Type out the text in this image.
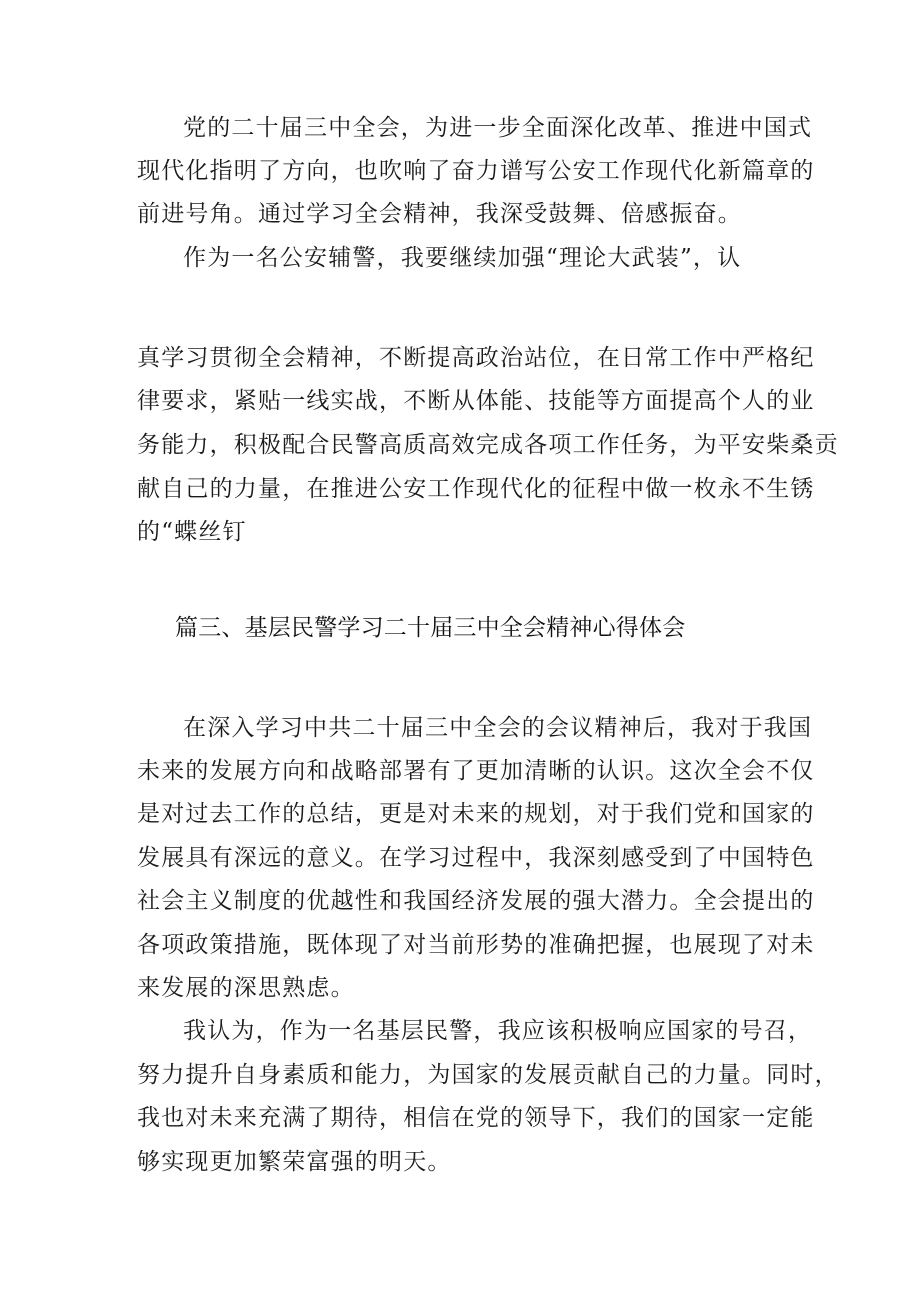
党的二十届三中全会，为进一步全面深化改革、推进中国式
现代化指明了方向，也吹响了奋力谱写公安工作现代化新篇章的
前进号角。通过学习全会精神，我深受鼓舞、倍感振奋。
作为一名公安辅警，我要继续加强“理论大武装”，认
真学习贯彻全会精神，不断提高政治站位，在日常工作中严格纪
律要求，紧贴一线实战，不断从体能、技能等方面提高个人的业
务能力，积极配合民警高质高效完成各项工作任务，为平安柴桑贡
献自己的力量，在推进公安工作现代化的征程中做一枚永不生锈
的“蝶丝钉
篇三、基层民警学习二十届三中全会精神心得体会
在深入学习中共二十届三中全会的会议精神后，我对于我国
未来的发展方向和战略部署有了更加清晰的认识。这次全会不仅
是对过去工作的总结，更是对未来的规划，对于我们党和国家的
发展具有深远的意义。在学习过程中，我深刻感受到了中国特色
社会主义制度的优越性和我国经济发展的强大潜力。全会提出的
各项政策措施，既体现了对当前形势的准确把握，也展现了对未
来发展的深思熟虑。
我认为，作为一名基层民警，我应该积极响应国家的号召，
努力提升自身素质和能力，为国家的发展贡献自己的力量。同时，
我也对未来充满了期待，相信在党的领导下，我们的国家一定能
够实现更加繁荣富强的明天。
